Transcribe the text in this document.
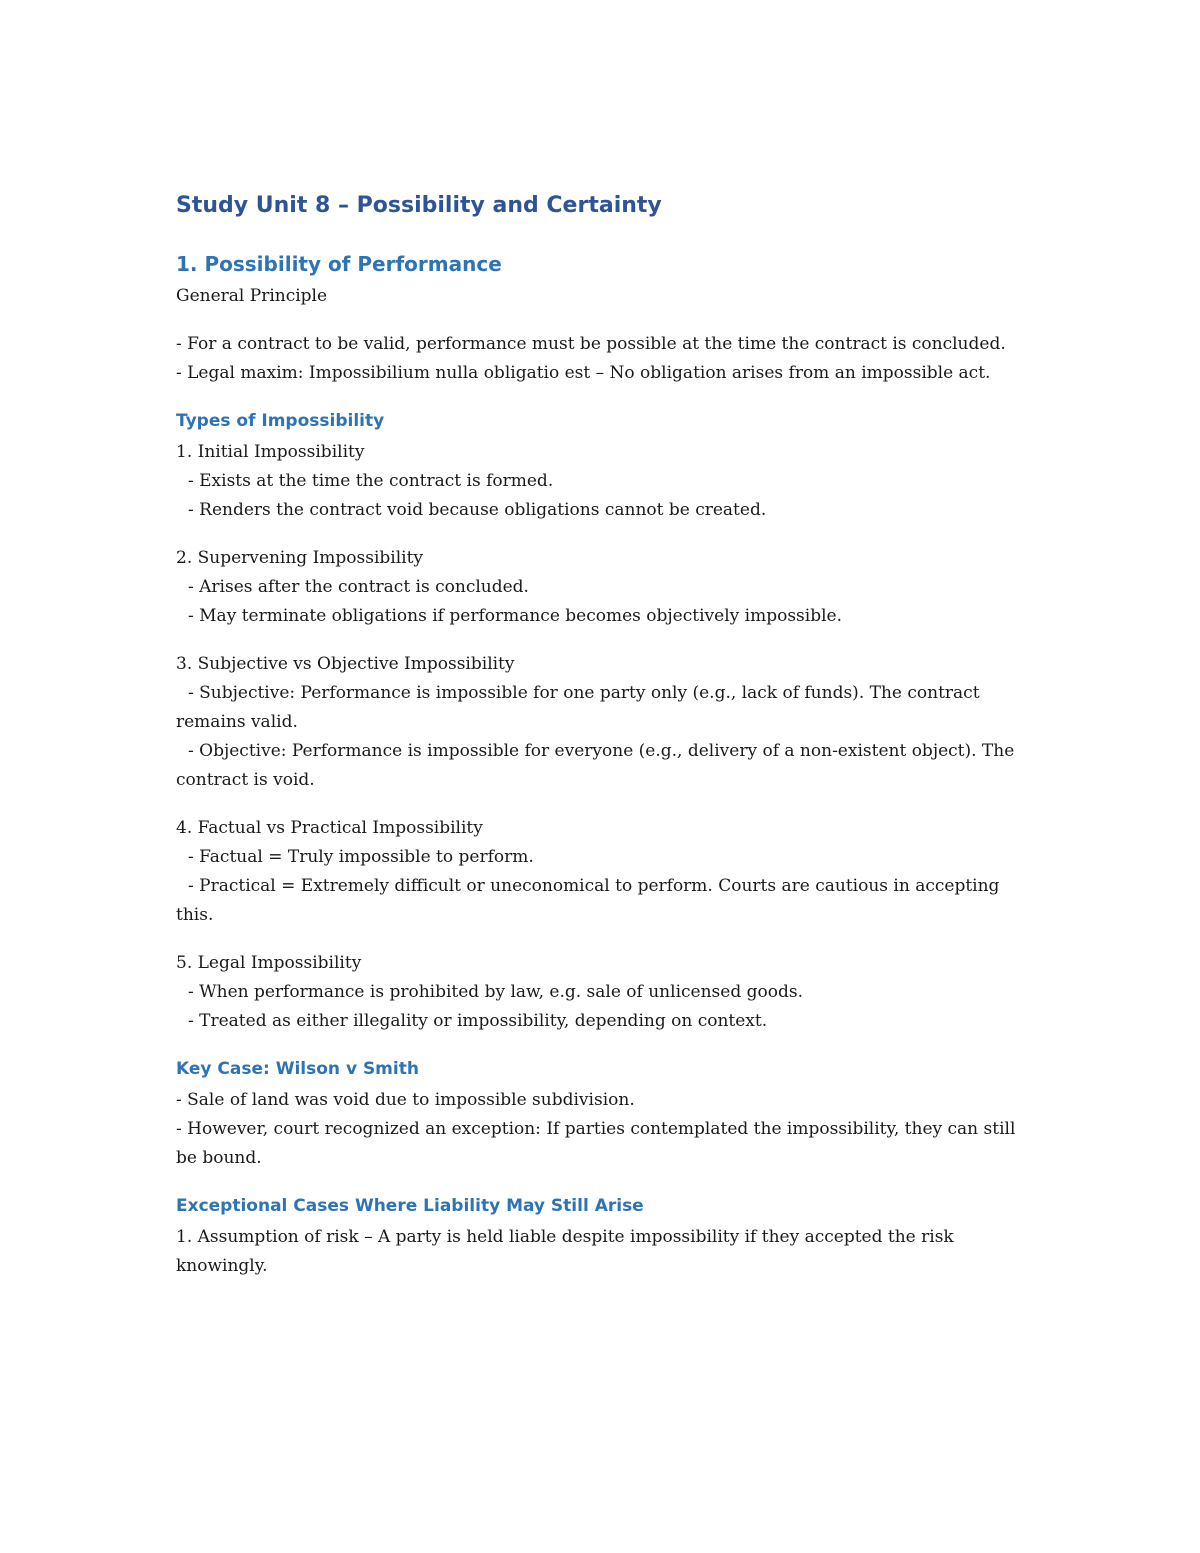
Study Unit 8 – Possibility and Certainty
1. Possibility of Performance

General Principle

- For a contract to be valid, performance must be possible at the time the contract is concluded.

- Legal maxim: Impossibilium nulla obligatio est – No obligation arises from an impossible act.

Types of Impossibility

1. Initial Impossibility

- Exists at the time the contract is formed.

- Renders the contract void because obligations cannot be created.

2. Supervening Impossibility

- Arises after the contract is concluded.

- May terminate obligations if performance becomes objectively impossible.

3. Subjective vs Objective Impossibility

- Subjective: Performance is impossible for one party only (e.g., lack of funds). The contract remains valid.

- Objective: Performance is impossible for everyone (e.g., delivery of a non-existent object). The contract is void.

4. Factual vs Practical Impossibility

- Factual = Truly impossible to perform.

- Practical = Extremely difficult or uneconomical to perform. Courts are cautious in accepting this.

5. Legal Impossibility

- When performance is prohibited by law, e.g. sale of unlicensed goods.

- Treated as either illegality or impossibility, depending on context.

Key Case: Wilson v Smith

- Sale of land was void due to impossible subdivision.

- However, court recognized an exception: If parties contemplated the impossibility, they can still be bound.

Exceptional Cases Where Liability May Still Arise

1. Assumption of risk – A party is held liable despite impossibility if they accepted the risk knowingly.
